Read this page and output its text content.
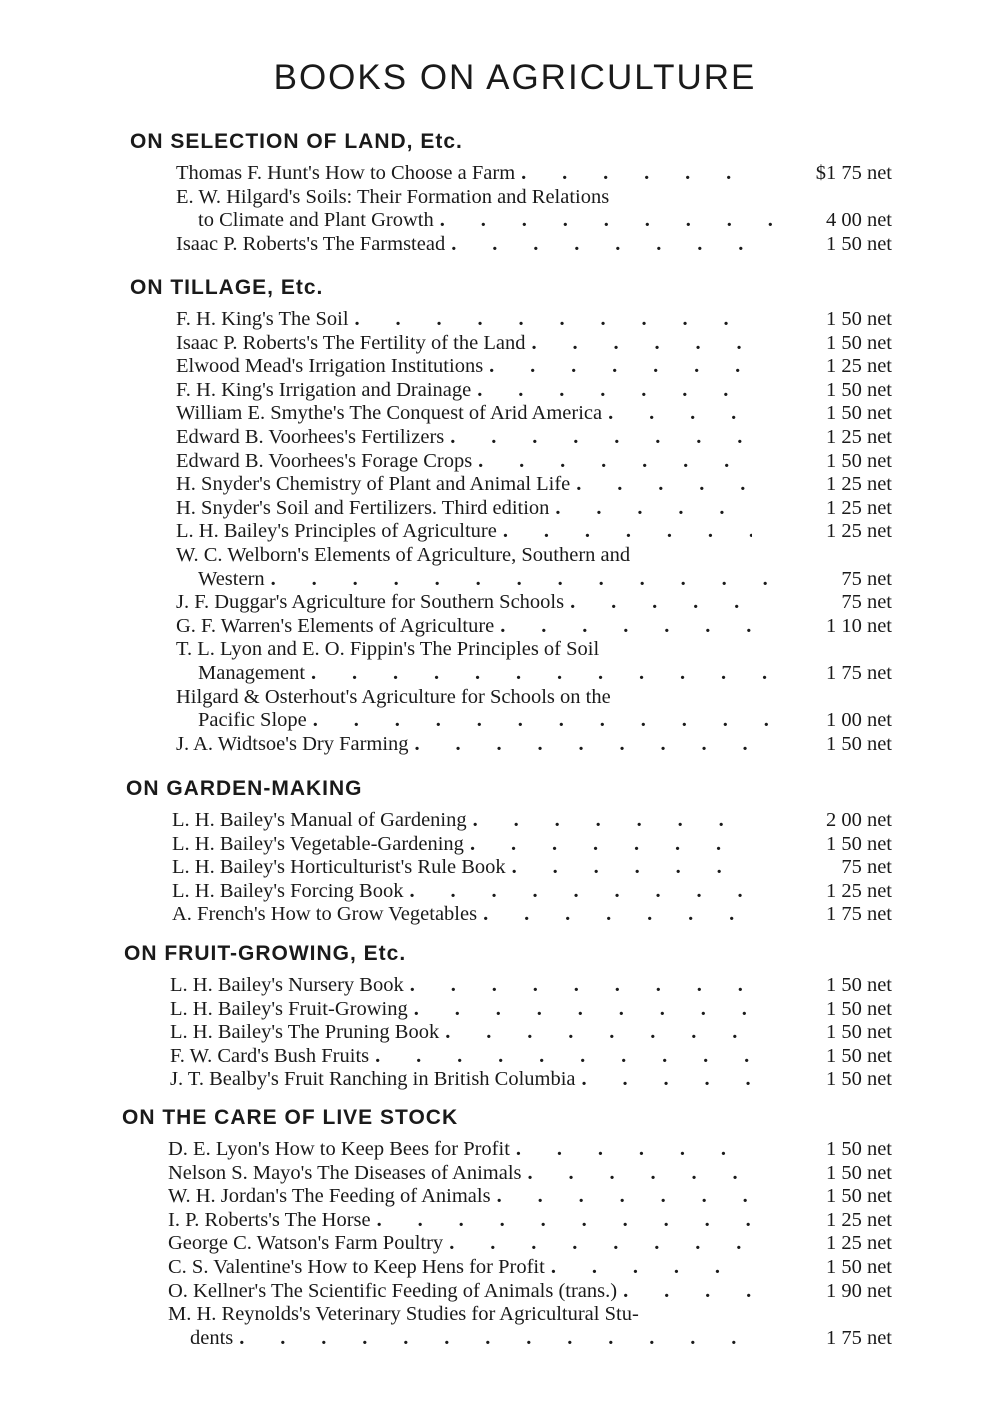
BOOKS ON AGRICULTURE
ON SELECTION OF LAND, Etc.
Thomas F. Hunt's How to Choose a Farm .	$1 75 net
E. W. Hilgard's Soils: Their Formation and Relations
to Climate and Plant Growth .	4 00 net
Isaac P. Roberts's The Farmstead .	1 50 net
ON TILLAGE, Etc.
F. H. King's The Soil .	1 50 net
Isaac P. Roberts's The Fertility of the Land .	1 50 net
Elwood Mead's Irrigation Institutions .	1 25 net
F. H. King's Irrigation and Drainage .	1 50 net
William E. Smythe's The Conquest of Arid America .	1 50 net
Edward B. Voorhees's Fertilizers .	1 25 net
Edward B. Voorhees's Forage Crops .	1 50 net
H. Snyder's Chemistry of Plant and Animal Life .	1 25 net
H. Snyder's Soil and Fertilizers. Third edition .	1 25 net
L. H. Bailey's Principles of Agriculture .	1 25 net
W. C. Welborn's Elements of Agriculture, Southern and
Western .	75 net
J. F. Duggar's Agriculture for Southern Schools .	75 net
G. F. Warren's Elements of Agriculture .	1 10 net
T. L. Lyon and E. O. Fippin's The Principles of Soil
Management .	1 75 net
Hilgard & Osterhout's Agriculture for Schools on the
Pacific Slope .	1 00 net
J. A. Widtsoe's Dry Farming .	1 50 net
ON GARDEN-MAKING
L. H. Bailey's Manual of Gardening .	2 00 net
L. H. Bailey's Vegetable-Gardening .	1 50 net
L. H. Bailey's Horticulturist's Rule Book .	75 net
L. H. Bailey's Forcing Book .	1 25 net
A. French's How to Grow Vegetables .	1 75 net
ON FRUIT-GROWING, Etc.
L. H. Bailey's Nursery Book .	1 50 net
L. H. Bailey's Fruit-Growing .	1 50 net
L. H. Bailey's The Pruning Book .	1 50 net
F. W. Card's Bush Fruits .	1 50 net
J. T. Bealby's Fruit Ranching in British Columbia .	1 50 net
ON THE CARE OF LIVE STOCK
D. E. Lyon's How to Keep Bees for Profit .	1 50 net
Nelson S. Mayo's The Diseases of Animals .	1 50 net
W. H. Jordan's The Feeding of Animals .	1 50 net
I. P. Roberts's The Horse .	1 25 net
George C. Watson's Farm Poultry .	1 25 net
C. S. Valentine's How to Keep Hens for Profit .	1 50 net
O. Kellner's The Scientific Feeding of Animals (trans.) .	1 90 net
M. H. Reynolds's Veterinary Studies for Agricultural Stu-
dents .	1 75 net
